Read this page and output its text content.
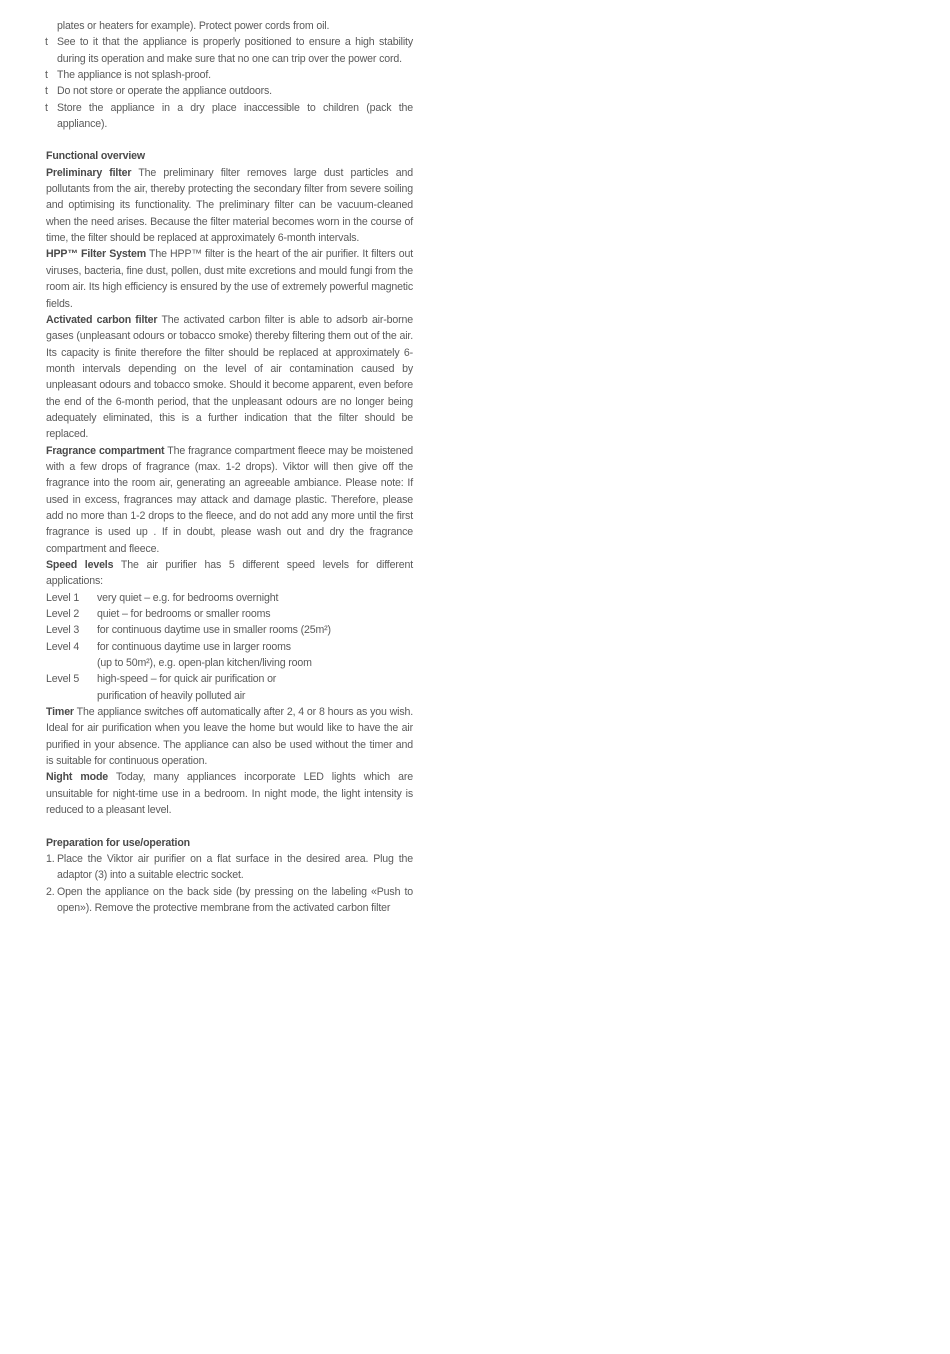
plates or heaters for example). Protect power cords from oil.

t See to it that the appliance is properly positioned to ensure a high stability during its operation and make sure that no one can trip over the power cord.

t The appliance is not splash-proof.

t Do not store or operate the appliance outdoors.

t Store the appliance in a dry place inaccessible to children (pack the appliance).

Functional overview

Preliminary filter The preliminary filter removes large dust particles and pollutants from the air, thereby protecting the secondary filter from severe soiling and optimising its functionality. The preliminary filter can be vacuum-cleaned when the need arises. Because the filter material becomes worn in the course of time, the filter should be replaced at approximately 6-month intervals.

HPP™ Filter System The HPP™ filter is the heart of the air purifier. It filters out viruses, bacteria, fine dust, pollen, dust mite excretions and mould fungi from the room air. Its high efficiency is ensured by the use of extremely powerful magnetic fields.

Activated carbon filter The activated carbon filter is able to adsorb air-borne gases (unpleasant odours or tobacco smoke) thereby filtering them out of the air. Its capacity is finite therefore the filter should be replaced at approximately 6-month intervals depending on the level of air contamination caused by unpleasant odours and tobacco smoke. Should it become apparent, even before the end of the 6-month period, that the unpleasant odours are no longer being adequately eliminated, this is a further indication that the filter should be replaced.

Fragrance compartment The fragrance compartment fleece may be moistened with a few drops of fragrance (max. 1-2 drops). Viktor will then give off the fragrance into the room air, generating an agreeable ambiance. Please note: If used in excess, fragrances may attack and damage plastic. Therefore, please add no more than 1-2 drops to the fleece, and do not add any more until the first fragrance is used up . If in doubt, please wash out and dry the fragrance compartment and fleece.

Speed levels The air purifier has 5 different speed levels for different applications:

Level 1	very quiet – e.g. for bedrooms overnight
Level 2	quiet – for bedrooms or smaller rooms
Level 3	for continuous daytime use in smaller rooms (25m²)
Level 4	for continuous daytime use in larger rooms
(up to 50m²), e.g. open-plan kitchen/living room
Level 5	high-speed – for quick air purification or
purification of heavily polluted air

Timer The appliance switches off automatically after 2, 4 or 8 hours as you wish. Ideal for air purification when you leave the home but would like to have the air purified in your absence. The appliance can also be used without the timer and is suitable for continuous operation.

Night mode Today, many appliances incorporate LED lights which are unsuitable for night-time use in a bedroom. In night mode, the light intensity is reduced to a pleasant level.

Preparation for use/operation

1. Place the Viktor air purifier on a flat surface in the desired area. Plug the adaptor (3) into a suitable electric socket.

2. Open the appliance on the back side (by pressing on the labeling «Push to open»). Remove the protective membrane from the activated carbon filter
